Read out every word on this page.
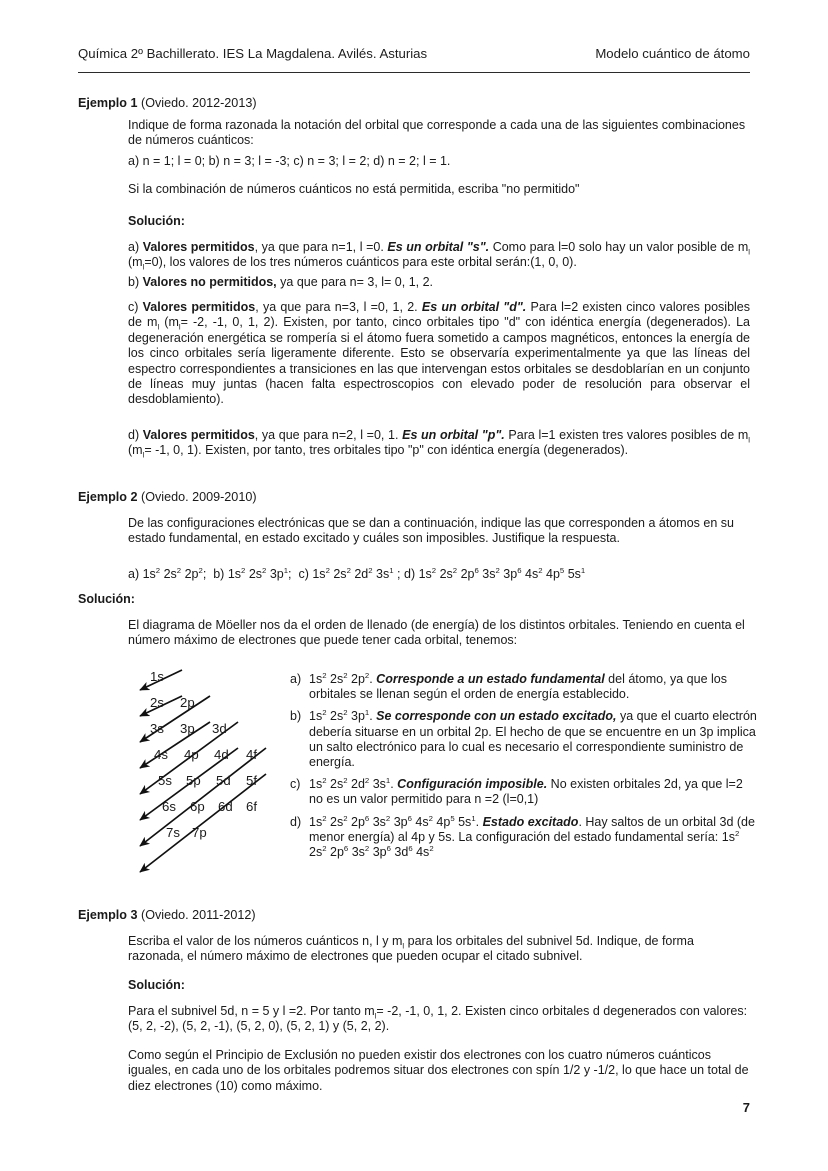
Química 2º Bachillerato. IES La Magdalena. Avilés. Asturias	Modelo cuántico de átomo
Ejemplo 1 (Oviedo. 2012-2013)
Indique de forma razonada la notación del orbital que corresponde a cada una de las siguientes combinaciones de números cuánticos:
a) n = 1; l = 0; b) n = 3; l = -3; c) n = 3; l = 2; d) n = 2; l = 1.
Si la combinación de números cuánticos no está permitida, escriba "no permitido"
Solución:
a) Valores permitidos, ya que para n=1, l =0. Es un orbital "s". Como para l=0 solo hay un valor posible de $m_l$ $(m_l=0)$, los valores de los tres números cuánticos para este orbital serán:(1, 0, 0).
b) Valores no permitidos, ya que para n= 3, l= 0, 1, 2.
c) Valores permitidos, ya que para n=3, l =0, 1, 2. Es un orbital "d". Para l=2 existen cinco valores posibles de $m_l$ ($m_l= -2$, -1, 0, 1, 2). Existen, por tanto, cinco orbitales tipo "d" con idéntica energía (degenerados). La degeneración energética se rompería si el átomo fuera sometido a campos magnéticos, entonces la energía de los cinco orbitales sería ligeramente diferente. Esto se observaría experimentalmente ya que las líneas del espectro correspondientes a transiciones en las que intervengan estos orbitales se desdoblarían en un conjunto de líneas muy juntas (hacen falta espectroscopios con elevado poder de resolución para observar el desdoblamiento).
d) Valores permitidos, ya que para n=2, l =0, 1. Es un orbital "p". Para l=1 existen tres valores posibles de $m_l$ ($m_l= -1$, 0, 1). Existen, por tanto, tres orbitales tipo "p" con idéntica energía (degenerados).
Ejemplo 2 (Oviedo. 2009-2010)
De las configuraciones electrónicas que se dan a continuación, indique las que corresponden a átomos en su estado fundamental, en estado excitado y cuáles son imposibles. Justifique la respuesta.
a) $1s^2$ $2s^2$ $2p^2$;  b) $1s^2$ $2s^2$ $3p^1$;  c) $1s^2$ $2s^2$ $2d^2$ $3s^1$ ; d) $1s^2$ $2s^2$ $2p^6$ $3s^2$ $3p^6$ $4s^2$ $4p^5$ $5s^1$
Solución:
El diagrama de Möeller nos da el orden de llenado (de energía) de los distintos orbitales. Teniendo en cuenta el número máximo de electrones que puede tener cada orbital, tenemos:
1s
2s 2p
3s 3p 3d
4s 4p 4d 4f
5s 5p 5d 5f
6s 6p 6d 6f
7s 7p
a) $1s^2$ $2s^2$ $2p^2$. Corresponde a un estado fundamental del átomo, ya que los orbitales se llenan según el orden de energía establecido.
b) $1s^2$ $2s^2$ $3p^1$. Se corresponde con un estado excitado, ya que el cuarto electrón debería situarse en un orbital 2p. El hecho de que se encuentre en un 3p implica un salto electrónico para lo cual es necesario el correspondiente suministro de energía.
c) $1s^2$ $2s^2$ $2d^2$ $3s^1$. Configuración imposible. No existen orbitales 2d, ya que l=2 no es un valor permitido para n =2 (l=0,1)
d) $1s^2$ $2s^2$ $2p^6$ $3s^2$ $3p^6$ $4s^2$ $4p^5$ $5s^1$. Estado excitado. Hay saltos de un orbital 3d (de menor energía) al 4p y 5s. La configuración del estado fundamental sería: $1s^2$ $2s^2$ $2p^6$ $3s^2$ $3p^6$ $3d^6$ $4s^2$
Ejemplo 3 (Oviedo. 2011-2012)
Escriba el valor de los números cuánticos n, l y $m_l$ para los orbitales del subnivel 5d. Indique, de forma razonada, el número máximo de electrones que pueden ocupar el citado subnivel.
Solución:
Para el subnivel 5d, n = 5 y l =2. Por tanto $m_l= -2$, -1, 0, 1, 2. Existen cinco orbitales d degenerados con valores: (5, 2, -2), (5, 2, -1), (5, 2, 0), (5, 2, 1) y (5, 2, 2).
Como según el Principio de Exclusión no pueden existir dos electrones con los cuatro números cuánticos iguales, en cada uno de los orbitales podremos situar dos electrones con spín 1/2 y -1/2, lo que hace un total de diez electrones (10) como máximo.
7
